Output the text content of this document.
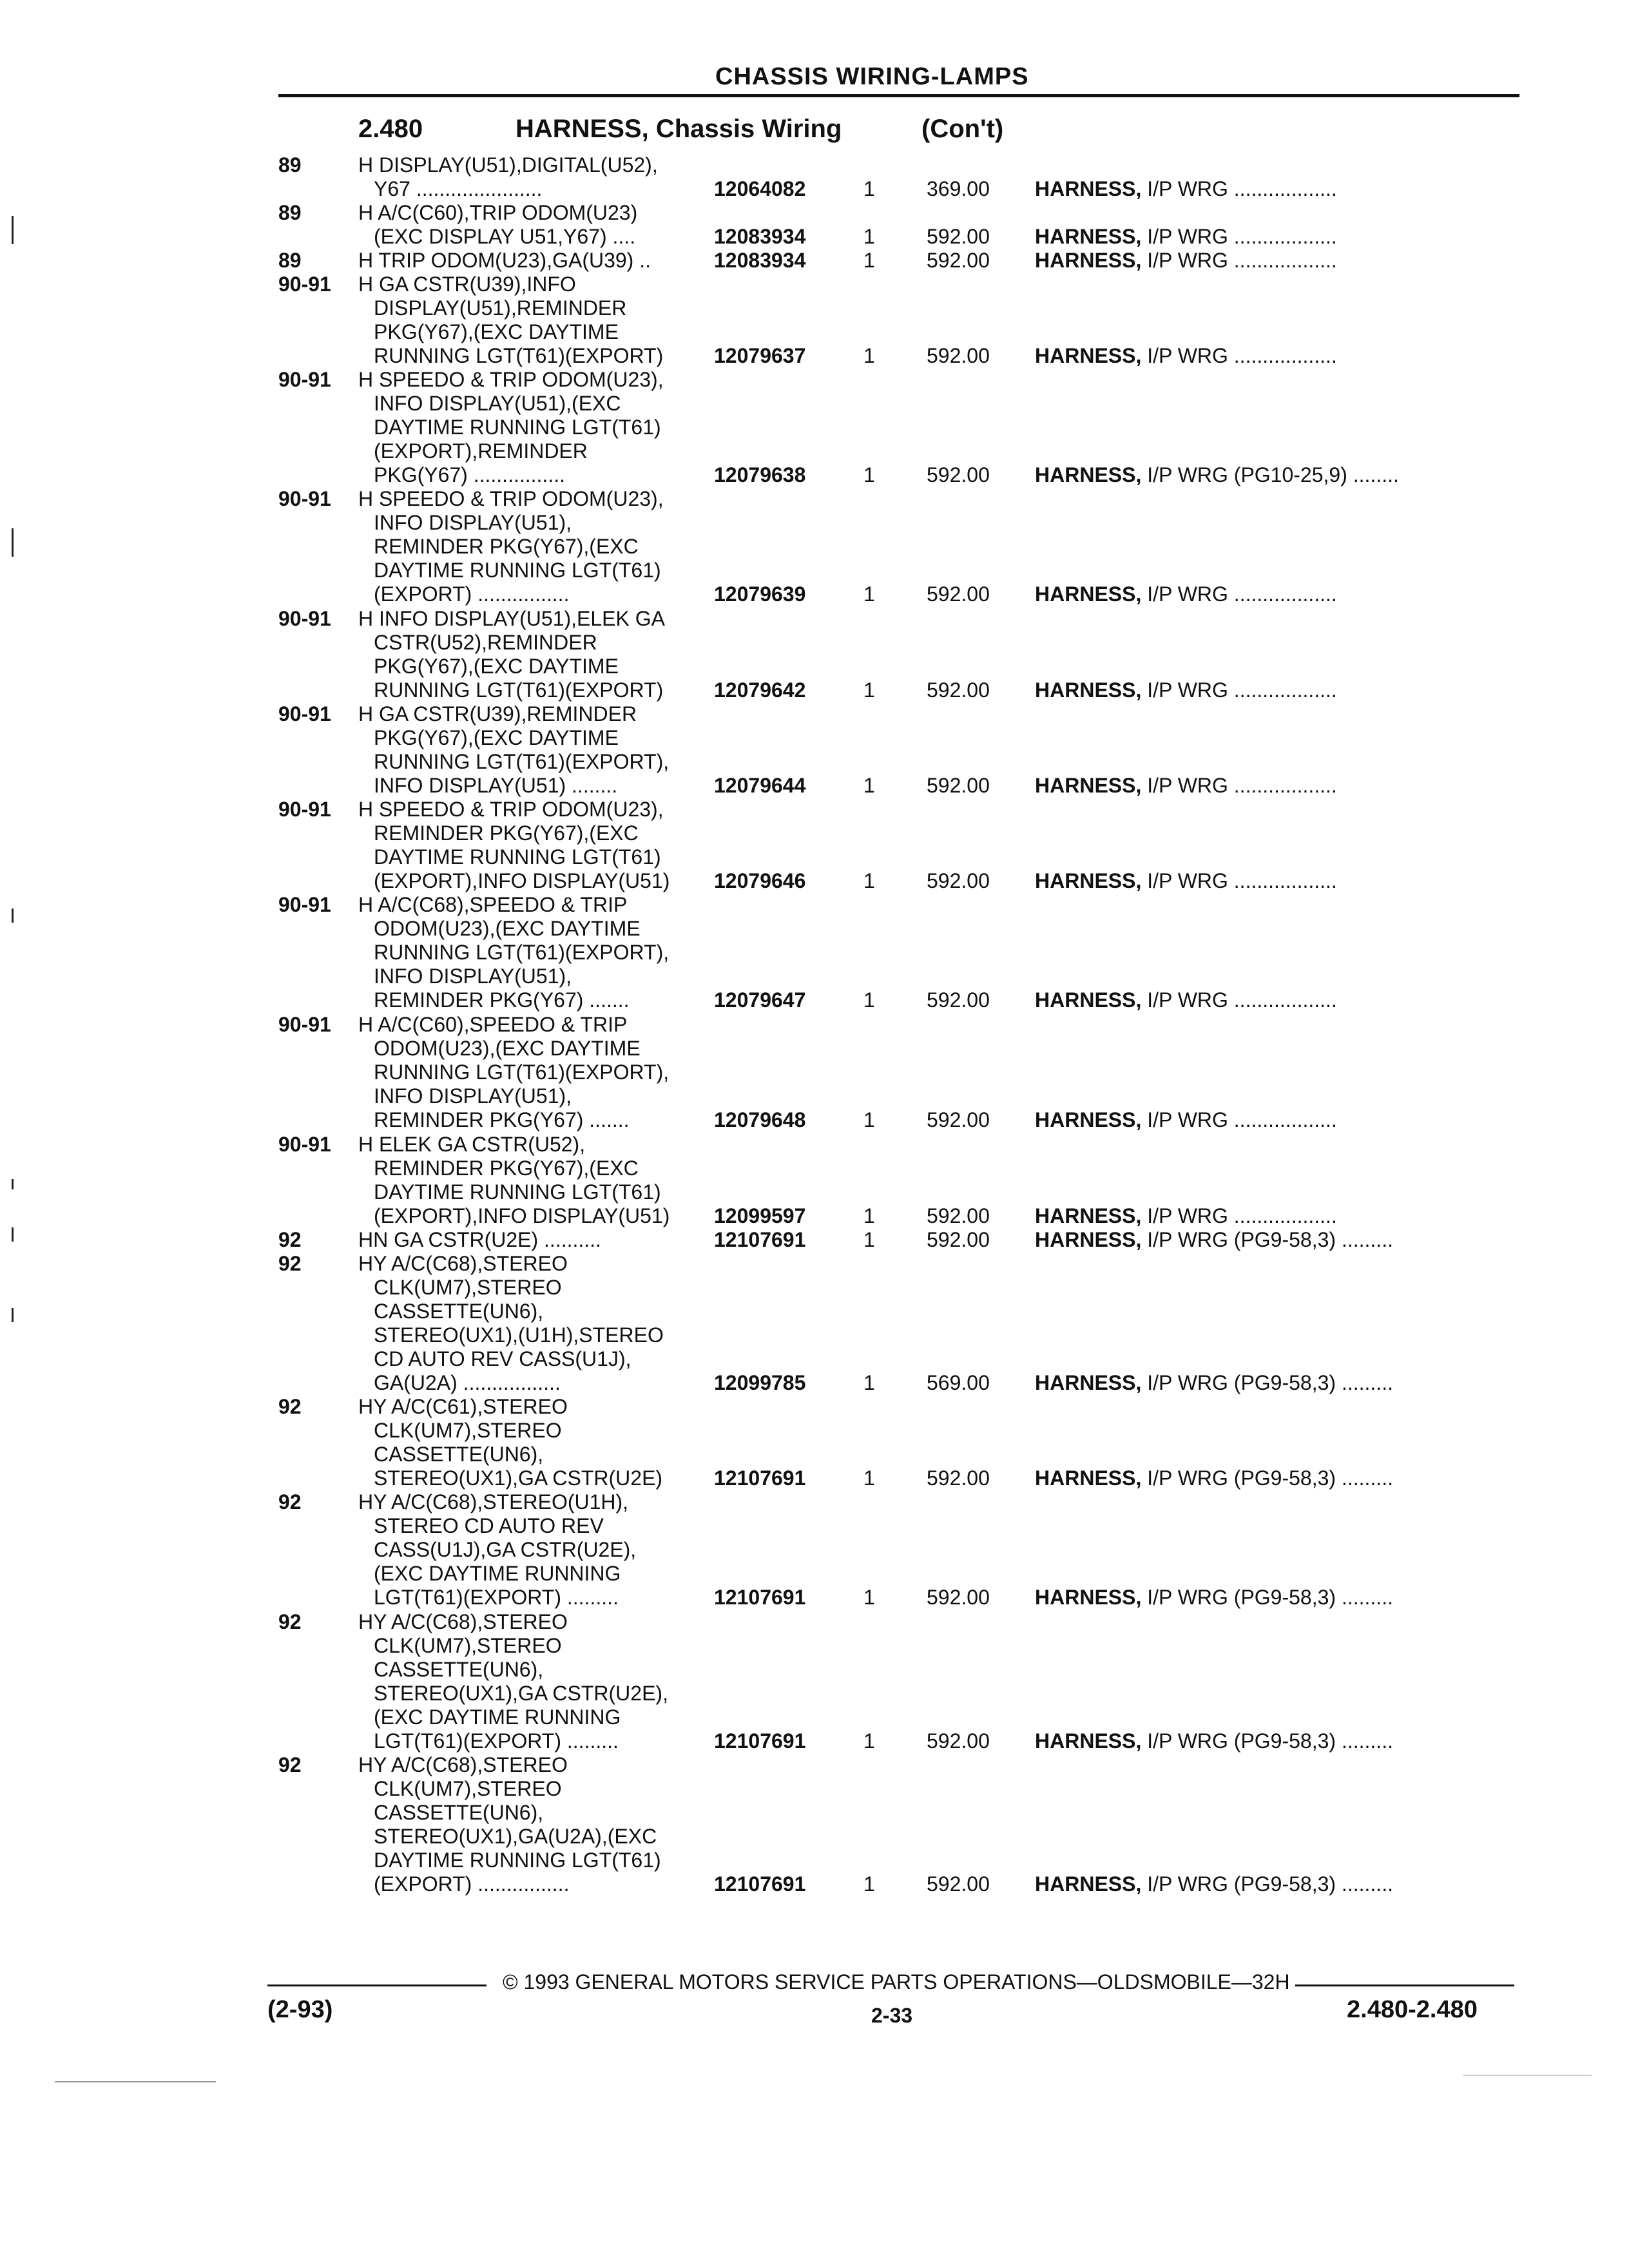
CHASSIS WIRING-LAMPS
2.480	HARNESS, Chassis Wiring	(Con't)
89	H DISPLAY(U51),DIGITAL(U52),
Y67 ......................	12064082	1	369.00 HARNESS, I/P WRG ..................
89	H A/C(C60),TRIP ODOM(U23)
(EXC DISPLAY U51,Y67) ....	12083934	1	592.00 HARNESS, I/P WRG ..................
89	H TRIP ODOM(U23),GA(U39) ..	12083934	1	592.00 HARNESS, I/P WRG ..................
90-91 H GA CSTR(U39),INFO
DISPLAY(U51),REMINDER
PKG(Y67),(EXC DAYTIME
RUNNING LGT(T61)(EXPORT) 12079637	1	592.00 HARNESS, I/P WRG ..................
90-91 H SPEEDO & TRIP ODOM(U23),
INFO DISPLAY(U51),(EXC
DAYTIME RUNNING LGT(T61)
(EXPORT),REMINDER
PKG(Y67) ................	12079638	1	592.00 HARNESS, I/P WRG (PG10-25,9) ........
90-91 H SPEEDO & TRIP ODOM(U23),
INFO DISPLAY(U51),
REMINDER PKG(Y67),(EXC
DAYTIME RUNNING LGT(T61)
(EXPORT) ................	12079639	1	592.00 HARNESS, I/P WRG ..................
90-91 H INFO DISPLAY(U51),ELEK GA
CSTR(U52),REMINDER
PKG(Y67),(EXC DAYTIME
RUNNING LGT(T61)(EXPORT) 12079642	1	592.00 HARNESS, I/P WRG ..................
90-91 H GA CSTR(U39),REMINDER
PKG(Y67),(EXC DAYTIME
RUNNING LGT(T61)(EXPORT),
INFO DISPLAY(U51) ........	12079644	1	592.00 HARNESS, I/P WRG ..................
90-91 H SPEEDO & TRIP ODOM(U23),
REMINDER PKG(Y67),(EXC
DAYTIME RUNNING LGT(T61)
(EXPORT),INFO DISPLAY(U51) 12079646	1	592.00 HARNESS, I/P WRG ..................
90-91 H A/C(C68),SPEEDO & TRIP
ODOM(U23),(EXC DAYTIME
RUNNING LGT(T61)(EXPORT),
INFO DISPLAY(U51),
REMINDER PKG(Y67) .......	12079647	1	592.00 HARNESS, I/P WRG ..................
90-91 H A/C(C60),SPEEDO & TRIP
ODOM(U23),(EXC DAYTIME
RUNNING LGT(T61)(EXPORT),
INFO DISPLAY(U51),
REMINDER PKG(Y67) .......	12079648	1	592.00 HARNESS, I/P WRG ..................
90-91 H ELEK GA CSTR(U52),
REMINDER PKG(Y67),(EXC
DAYTIME RUNNING LGT(T61)
(EXPORT),INFO DISPLAY(U51) 12099597	1	592.00 HARNESS, I/P WRG ..................
92	HN GA CSTR(U2E) ..........	12107691	1	592.00 HARNESS, I/P WRG (PG9-58,3) .........
92	HY A/C(C68),STEREO
CLK(UM7),STEREO
CASSETTE(UN6),
STEREO(UX1),(U1H),STEREO
CD AUTO REV CASS(U1J),
GA(U2A) .................	12099785	1	569.00 HARNESS, I/P WRG (PG9-58,3) .........
92	HY A/C(C61),STEREO
CLK(UM7),STEREO
CASSETTE(UN6),
STEREO(UX1),GA CSTR(U2E) 12107691	1	592.00 HARNESS, I/P WRG (PG9-58,3) .........
92	HY A/C(C68),STEREO(U1H),
STEREO CD AUTO REV
CASS(U1J),GA CSTR(U2E),
(EXC DAYTIME RUNNING
LGT(T61)(EXPORT) .........	12107691	1	592.00 HARNESS, I/P WRG (PG9-58,3) .........
92	HY A/C(C68),STEREO
CLK(UM7),STEREO
CASSETTE(UN6),
STEREO(UX1),GA CSTR(U2E),
(EXC DAYTIME RUNNING
LGT(T61)(EXPORT) .........	12107691	1	592.00 HARNESS, I/P WRG (PG9-58,3) .........
92	HY A/C(C68),STEREO
CLK(UM7),STEREO
CASSETTE(UN6),
STEREO(UX1),GA(U2A),(EXC
DAYTIME RUNNING LGT(T61)
(EXPORT) ................	12107691	1	592.00 HARNESS, I/P WRG (PG9-58,3) .........
© 1993 GENERAL MOTORS SERVICE PARTS OPERATIONS—OLDSMOBILE—32H
(2-93)	2-33	2.480-2.480
